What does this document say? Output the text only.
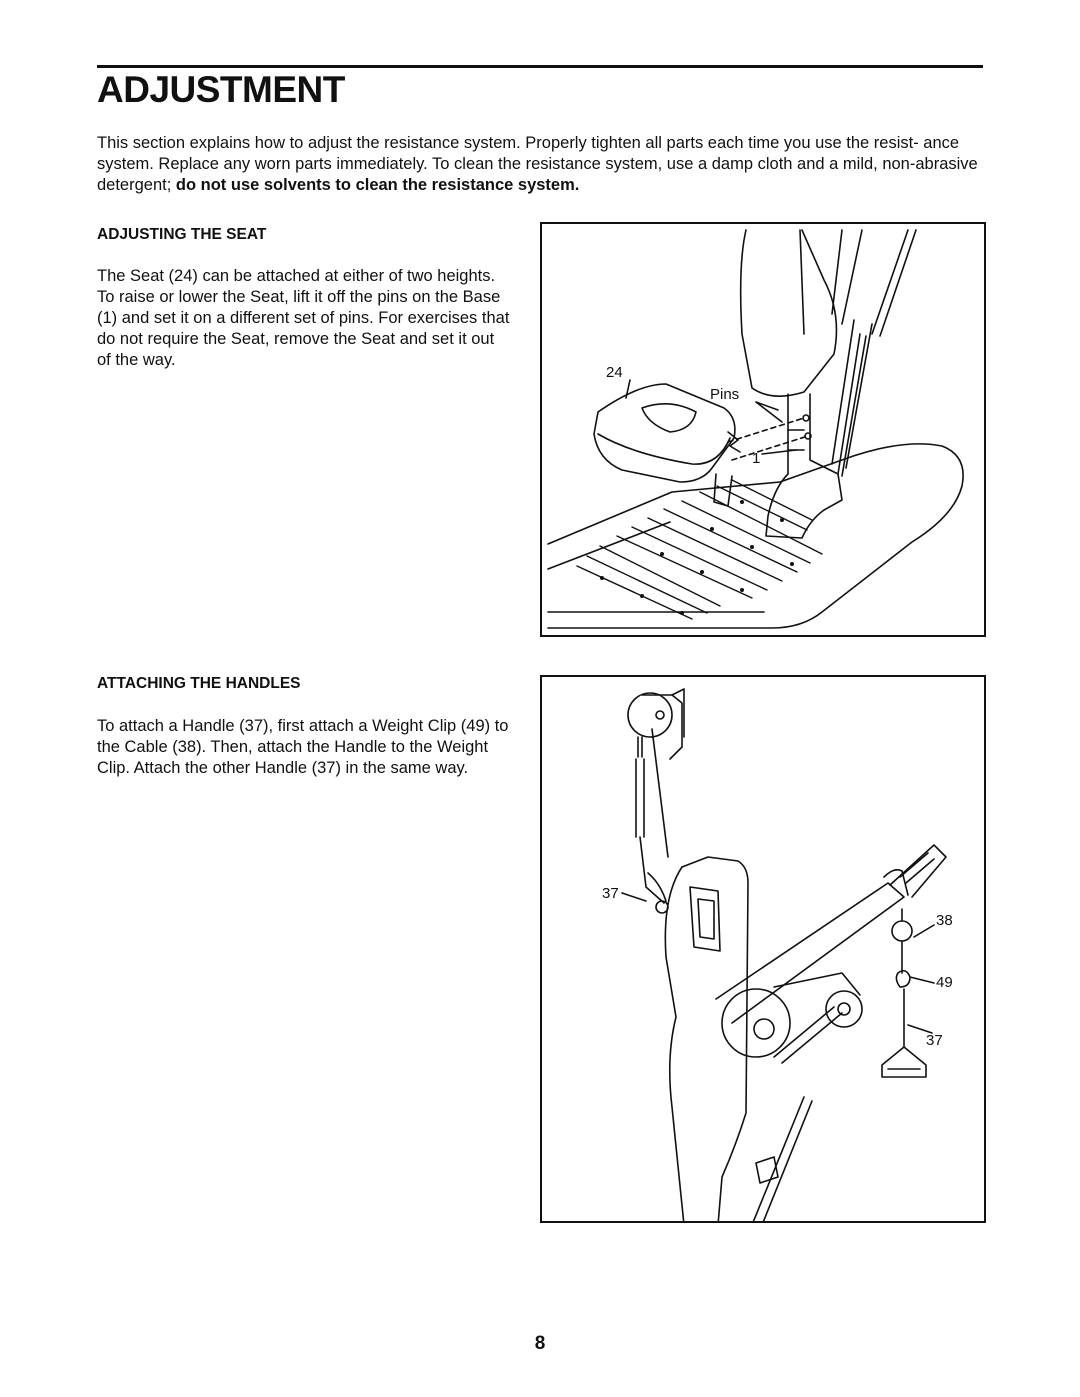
ADJUSTMENT

This section explains how to adjust the resistance system. Properly tighten all parts each time you use the resist- ance system. Replace any worn parts immediately. To clean the resistance system, use a damp cloth and a mild, non-abrasive detergent; do not use solvents to clean the resistance system.

ADJUSTING THE SEAT

The Seat (24) can be attached at either of two heights. To raise or lower the Seat, lift it off the pins on the Base (1) and set it on a different set of pins. For exercises that do not require the Seat, remove the Seat and set it out of the way.

24
Pins
1
ATTACHING THE HANDLES

To attach a Handle (37), first attach a Weight Clip (49) to the Cable (38). Then, attach the Handle to the Weight Clip. Attach the other Handle (37) in the same way.

37
38
49
37
8
